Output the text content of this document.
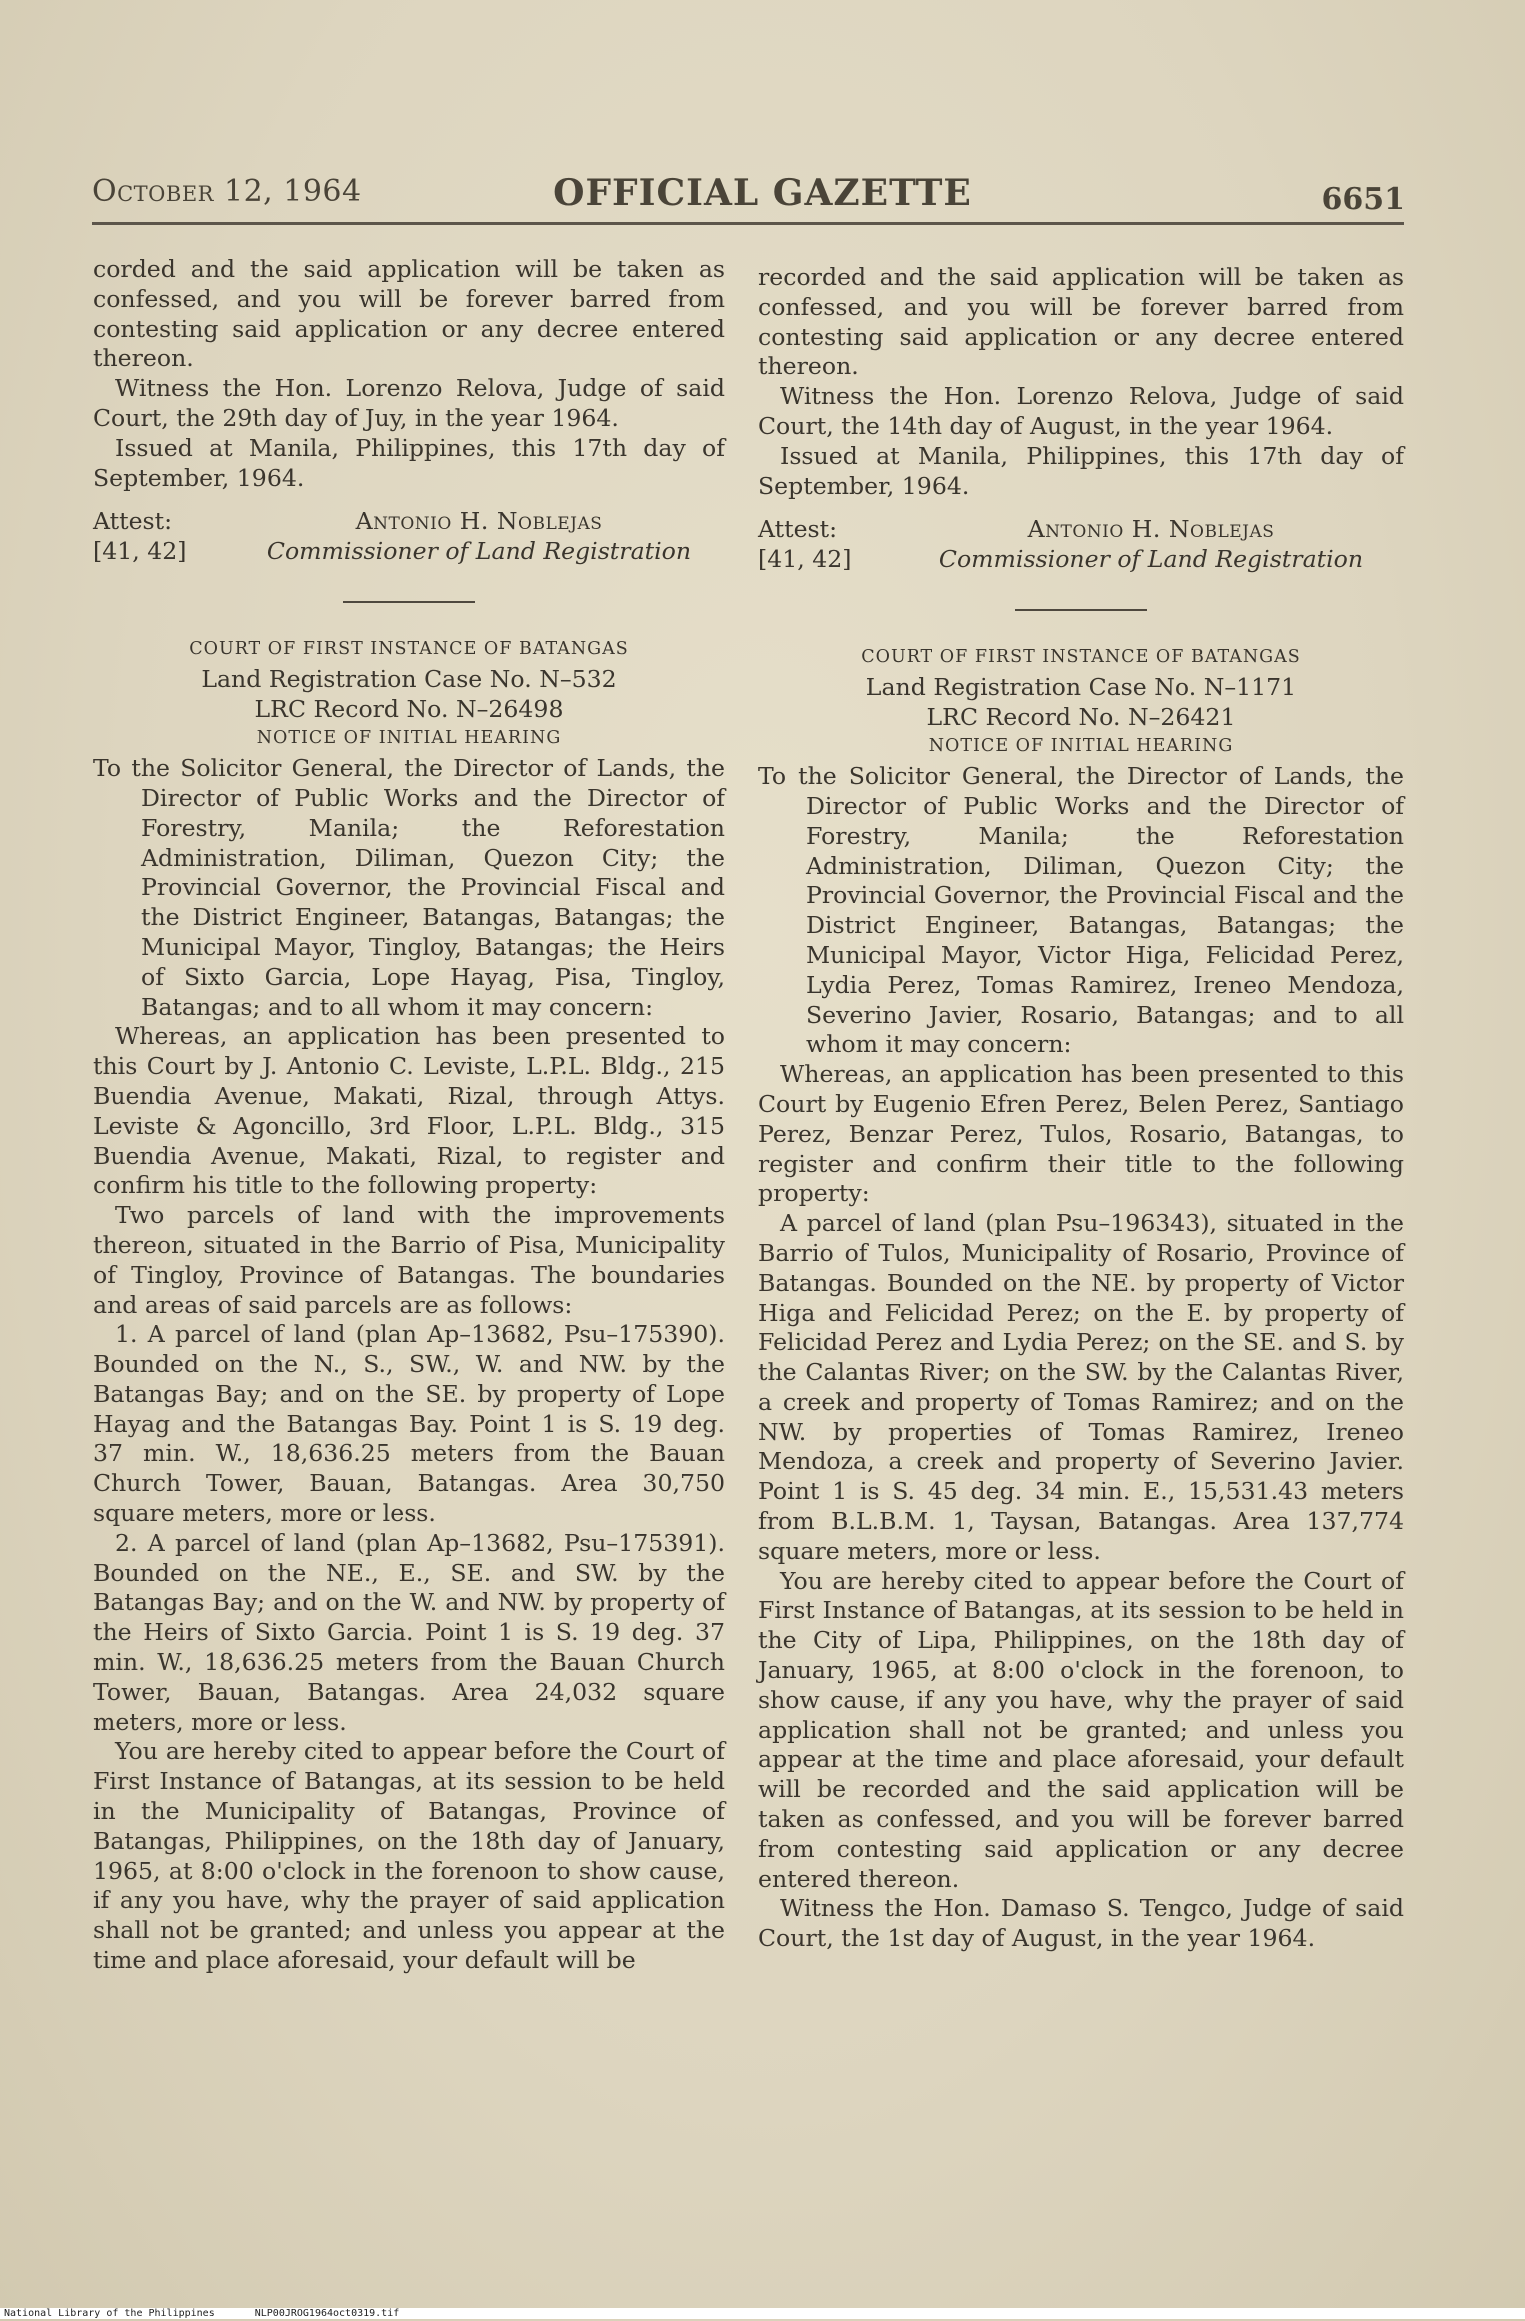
October 12, 1964	OFFICIAL GAZETTE	6651

corded and the said application will be taken as confessed, and you will be forever barred from contesting said application or any decree entered thereon.

Witness the Hon. Lorenzo Relova, Judge of said Court, the 29th day of Juy, in the year 1964.

Issued at Manila, Philippines, this 17th day of September, 1964.

Attest:	Antonio H. Noblejas
[41, 42]	Commissioner of Land Registration

COURT OF FIRST INSTANCE OF BATANGAS

Land Registration Case No. N–532

LRC Record No. N–26498

NOTICE OF INITIAL HEARING

To the Solicitor General, the Director of Lands, the Director of Public Works and the Director of Forestry, Manila; the Reforestation Administration, Diliman, Quezon City; the Provincial Governor, the Provincial Fiscal and the District Engineer, Batangas, Batangas; the Municipal Mayor, Tingloy, Batangas; the Heirs of Sixto Garcia, Lope Hayag, Pisa, Tingloy, Batangas; and to all whom it may concern:

Whereas, an application has been presented to this Court by J. Antonio C. Leviste, L.P.L. Bldg., 215 Buendia Avenue, Makati, Rizal, through Attys. Leviste & Agoncillo, 3rd Floor, L.P.L. Bldg., 315 Buendia Avenue, Makati, Rizal, to register and confirm his title to the following property:

Two parcels of land with the improvements thereon, situated in the Barrio of Pisa, Municipality of Tingloy, Province of Batangas. The boundaries and areas of said parcels are as follows:

1. A parcel of land (plan Ap–13682, Psu–175390). Bounded on the N., S., SW., W. and NW. by the Batangas Bay; and on the SE. by property of Lope Hayag and the Batangas Bay. Point 1 is S. 19 deg. 37 min. W., 18,636.25 meters from the Bauan Church Tower, Bauan, Batangas. Area 30,750 square meters, more or less.

2. A parcel of land (plan Ap–13682, Psu–175391). Bounded on the NE., E., SE. and SW. by the Batangas Bay; and on the W. and NW. by property of the Heirs of Sixto Garcia. Point 1 is S. 19 deg. 37 min. W., 18,636.25 meters from the Bauan Church Tower, Bauan, Batangas. Area 24,032 square meters, more or less.

You are hereby cited to appear before the Court of First Instance of Batangas, at its session to be held in the Municipality of Batangas, Province of Batangas, Philippines, on the 18th day of January, 1965, at 8:00 o'clock in the forenoon to show cause, if any you have, why the prayer of said application shall not be granted; and unless you appear at the time and place aforesaid, your default will be

recorded and the said application will be taken as confessed, and you will be forever barred from contesting said application or any decree entered thereon.

Witness the Hon. Lorenzo Relova, Judge of said Court, the 14th day of August, in the year 1964.

Issued at Manila, Philippines, this 17th day of September, 1964.

Attest:	Antonio H. Noblejas
[41, 42]	Commissioner of Land Registration

COURT OF FIRST INSTANCE OF BATANGAS

Land Registration Case No. N–1171

LRC Record No. N–26421

NOTICE OF INITIAL HEARING

To the Solicitor General, the Director of Lands, the Director of Public Works and the Director of Forestry, Manila; the Reforestation Administration, Diliman, Quezon City; the Provincial Governor, the Provincial Fiscal and the District Engineer, Batangas, Batangas; the Municipal Mayor, Victor Higa, Felicidad Perez, Lydia Perez, Tomas Ramirez, Ireneo Mendoza, Severino Javier, Rosario, Batangas; and to all whom it may concern:

Whereas, an application has been presented to this Court by Eugenio Efren Perez, Belen Perez, Santiago Perez, Benzar Perez, Tulos, Rosario, Batangas, to register and confirm their title to the following property:

A parcel of land (plan Psu–196343), situated in the Barrio of Tulos, Municipality of Rosario, Province of Batangas. Bounded on the NE. by property of Victor Higa and Felicidad Perez; on the E. by property of Felicidad Perez and Lydia Perez; on the SE. and S. by the Calantas River; on the SW. by the Calantas River, a creek and property of Tomas Ramirez; and on the NW. by properties of Tomas Ramirez, Ireneo Mendoza, a creek and property of Severino Javier. Point 1 is S. 45 deg. 34 min. E., 15,531.43 meters from B.L.B.M. 1, Taysan, Batangas. Area 137,774 square meters, more or less.

You are hereby cited to appear before the Court of First Instance of Batangas, at its session to be held in the City of Lipa, Philippines, on the 18th day of January, 1965, at 8:00 o'clock in the forenoon, to show cause, if any you have, why the prayer of said application shall not be granted; and unless you appear at the time and place aforesaid, your default will be recorded and the said application will be taken as confessed, and you will be forever barred from contesting said application or any decree entered thereon.

Witness the Hon. Damaso S. Tengco, Judge of said Court, the 1st day of August, in the year 1964.

National Library of the Philippines	NLP00JROG1964oct0319.tif
